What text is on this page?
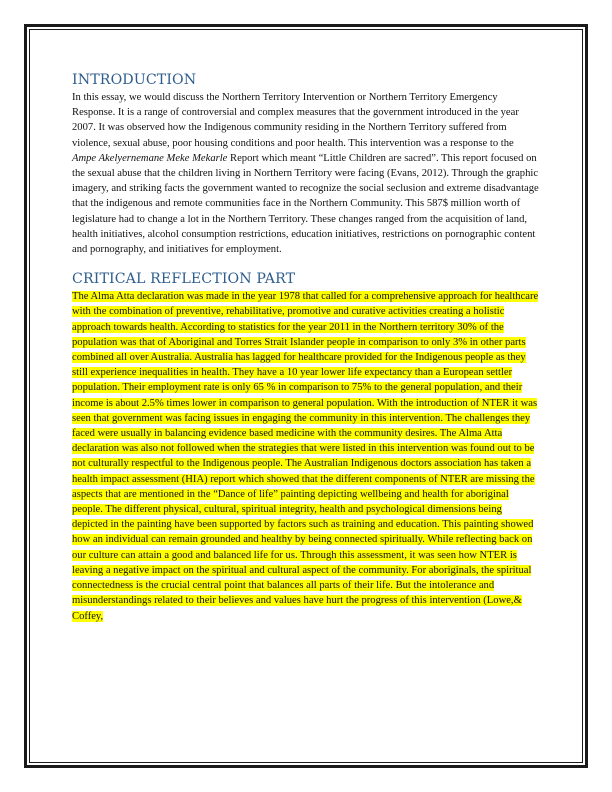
INTRODUCTION

In this essay, we would discuss the Northern Territory Intervention or Northern Territory Emergency Response. It is a range of controversial and complex measures that the government introduced in the year 2007. It was observed how the Indigenous community residing in the Northern Territory suffered from violence, sexual abuse, poor housing conditions and poor health. This intervention was a response to the Ampe Akelyernemane Meke Mekarle Report which meant “Little Children are sacred”. This report focused on the sexual abuse that the children living in Northern Territory were facing (Evans, 2012). Through the graphic imagery, and striking facts the government wanted to recognize the social seclusion and extreme disadvantage that the indigenous and remote communities face in the Northern Community. This 587$ million worth of legislature had to change a lot in the Northern Territory. These changes ranged from the acquisition of land, health initiatives, alcohol consumption restrictions, education initiatives, restrictions on pornographic content and pornography, and initiatives for employment.

CRITICAL REFLECTION PART

The Alma Atta declaration was made in the year 1978 that called for a comprehensive approach for healthcare with the combination of preventive, rehabilitative, promotive and curative activities creating a holistic approach towards health. According to statistics for the year 2011 in the Northern territory 30% of the population was that of Aboriginal and Torres Strait Islander people in comparison to only 3% in other parts combined all over Australia. Australia has lagged for healthcare provided for the Indigenous people as they still experience inequalities in health. They have a 10 year lower life expectancy than a European settler population. Their employment rate is only 65 % in comparison to 75% to the general population, and their income is about 2.5% times lower in comparison to general population. With the introduction of NTER it was seen that government was facing issues in engaging the community in this intervention. The challenges they faced were usually in balancing evidence based medicine with the community desires. The Alma Atta declaration was also not followed when the strategies that were listed in this intervention was found out to be not culturally respectful to the Indigenous people. The Australian Indigenous doctors association has taken a health impact assessment (HIA) report which showed that the different components of NTER are missing the aspects that are mentioned in the “Dance of life” painting depicting wellbeing and health for aboriginal people. The different physical, cultural, spiritual integrity, health and psychological dimensions being depicted in the painting have been supported by factors such as training and education. This painting showed how an individual can remain grounded and healthy by being connected spiritually. While reflecting back on our culture can attain a good and balanced life for us. Through this assessment, it was seen how NTER is leaving a negative impact on the spiritual and cultural aspect of the community. For aboriginals, the spiritual connectedness is the crucial central point that balances all parts of their life. But the intolerance and misunderstandings related to their believes and values have hurt the progress of this intervention (Lowe,& Coffey,
